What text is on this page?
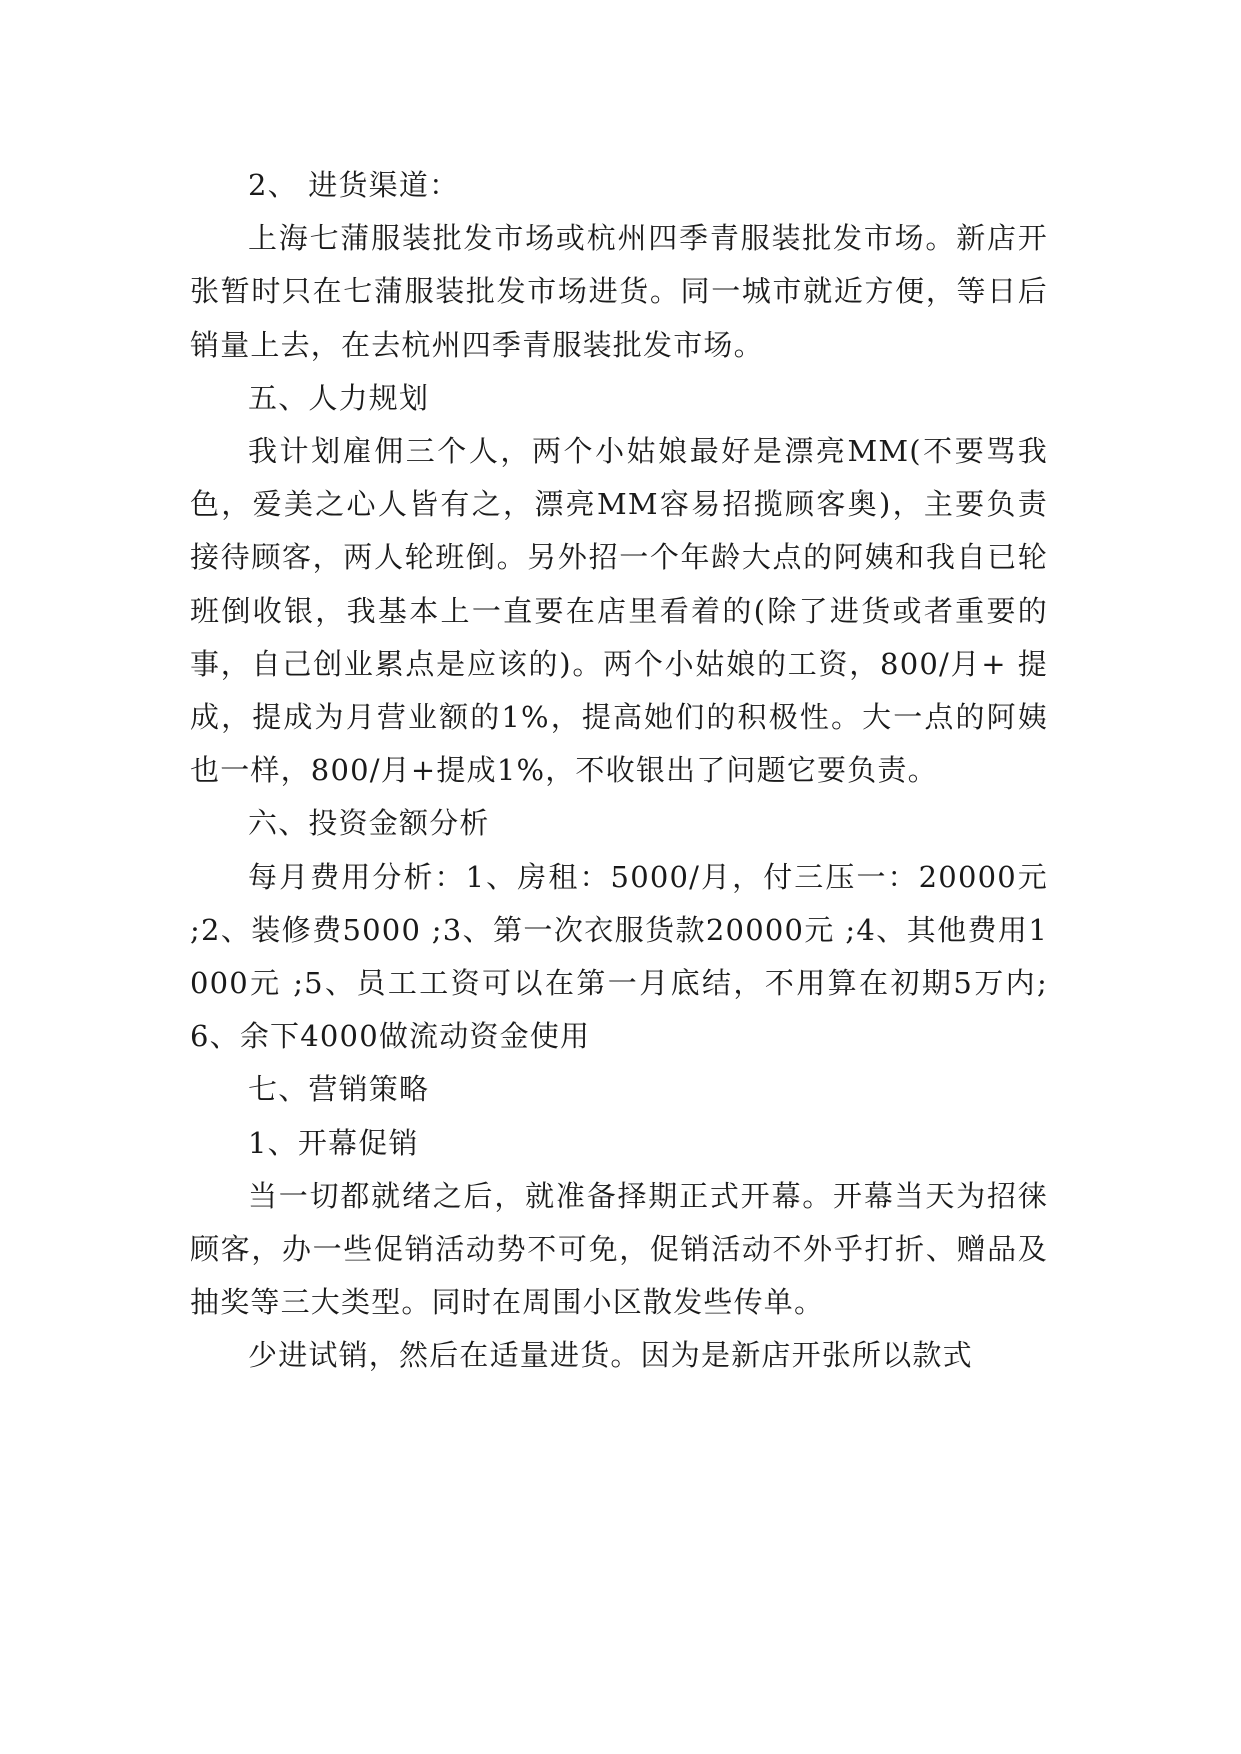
2、 进货渠道：

上海七蒲服装批发市场或杭州四季青服装批发市场。新店开张暂时只在七蒲服装批发市场进货。同一城市就近方便，等日后销量上去，在去杭州四季青服装批发市场。

五、人力规划

我计划雇佣三个人，两个小姑娘最好是漂亮MM(不要骂我色，爱美之心人皆有之，漂亮MM容易招揽顾客奥)，主要负责接待顾客，两人轮班倒。另外招一个年龄大点的阿姨和我自已轮班倒收银，我基本上一直要在店里看着的(除了进货或者重要的事，自己创业累点是应该的)。两个小姑娘的工资，800/月+ 提成，提成为月营业额的1%，提高她们的积极性。大一点的阿姨也一样，800/月+提成1%，不收银出了问题它要负责。

六、投资金额分析

每月费用分析：1、房租：5000/月，付三压一：20000元 ;2、装修费5000 ;3、第一次衣服货款20000元 ;4、其他费用1000元 ;5、员工工资可以在第一月底结，不用算在初期5万内;6、余下4000做流动资金使用

七、营销策略

1、开幕促销

当一切都就绪之后，就准备择期正式开幕。开幕当天为招徕顾客，办一些促销活动势不可免，促销活动不外乎打折、赠品及抽奖等三大类型。同时在周围小区散发些传单。

少进试销，然后在适量进货。因为是新店开张所以款式
